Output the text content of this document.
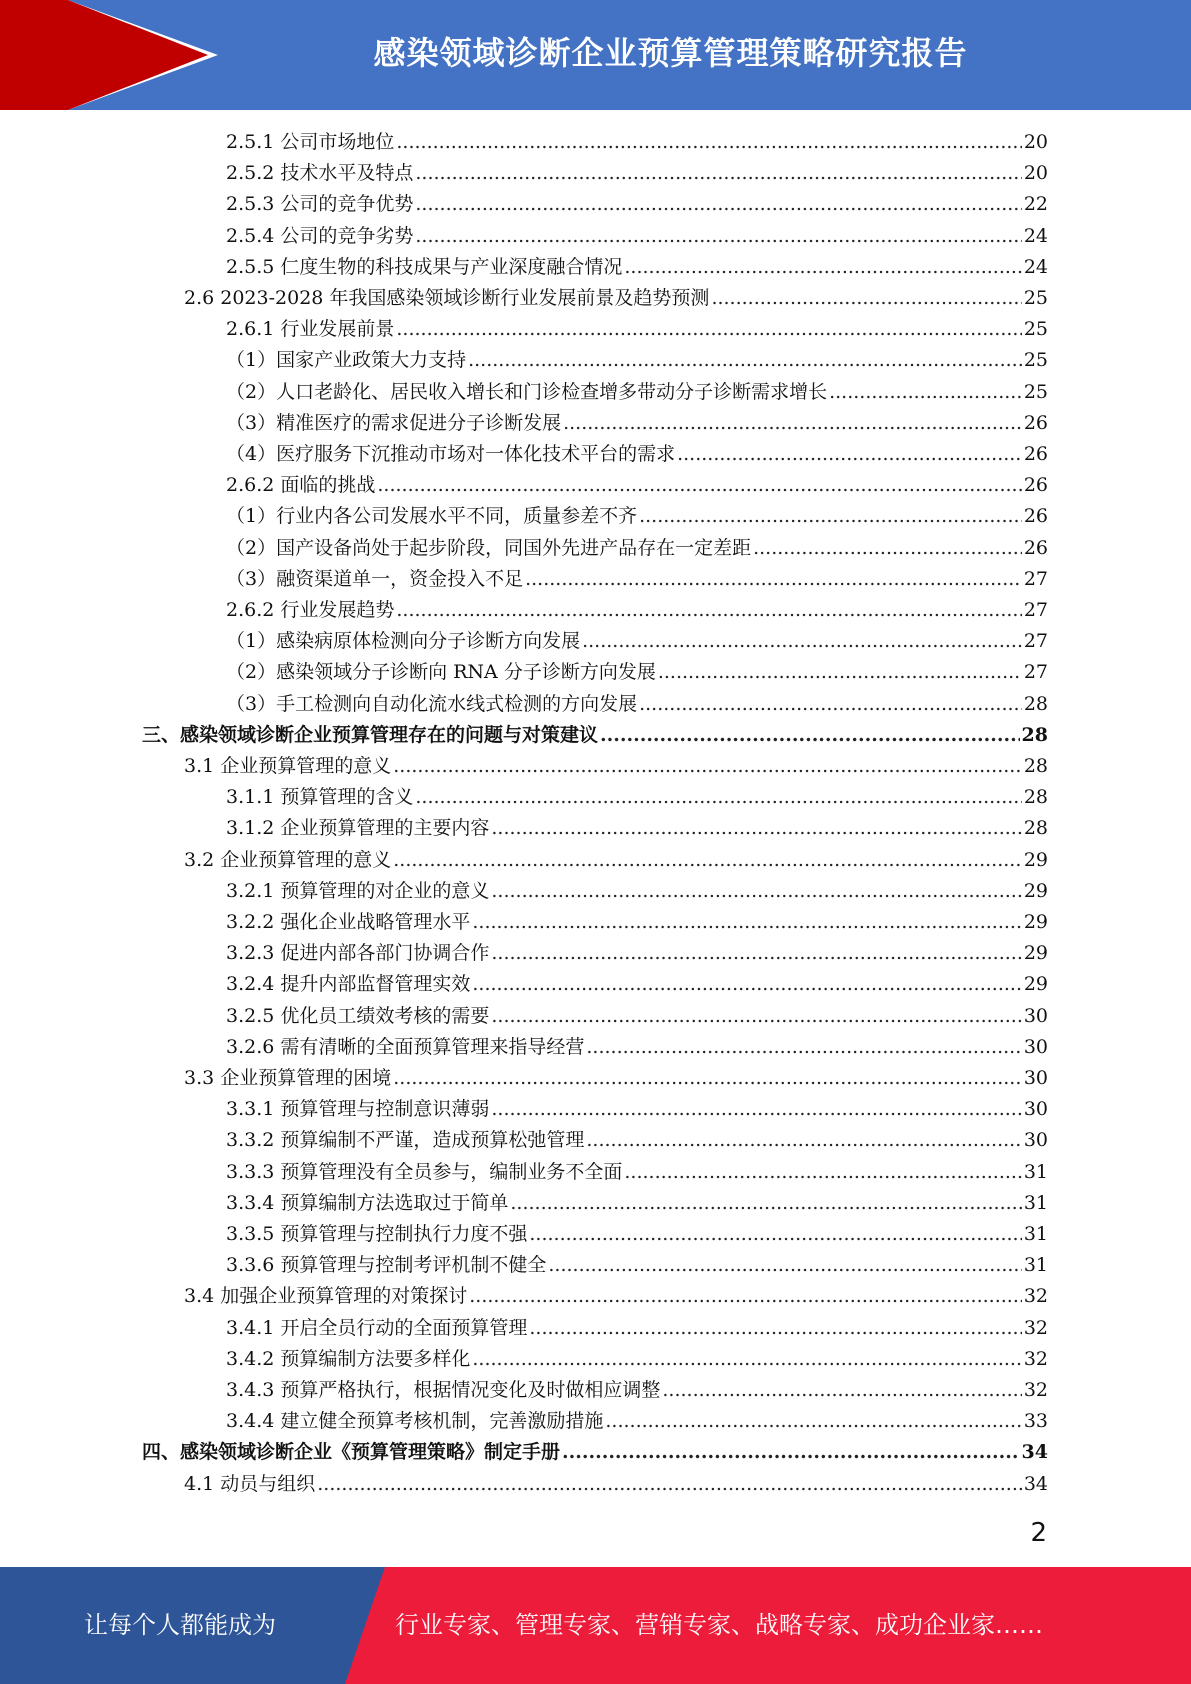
感染领域诊断企业预算管理策略研究报告
2.5.1 公司市场地位 .....	20
2.5.2 技术水平及特点 .....	20
2.5.3 公司的竞争优势 .....	22
2.5.4 公司的竞争劣势 .....	24
2.5.5 仁度生物的科技成果与产业深度融合情况 .....	24
2.6 2023-2028 年我国感染领域诊断行业发展前景及趋势预测 .....	25
2.6.1 行业发展前景 .....	25
（1）国家产业政策大力支持 .....	25
（2）人口老龄化、居民收入增长和门诊检查增多带动分子诊断需求增长 .....	25
（3）精准医疗的需求促进分子诊断发展 .....	26
（4）医疗服务下沉推动市场对一体化技术平台的需求 .....	26
2.6.2 面临的挑战 .....	26
（1）行业内各公司发展水平不同，质量参差不齐 .....	26
（2）国产设备尚处于起步阶段，同国外先进产品存在一定差距 .....	26
（3）融资渠道单一，资金投入不足 .....	27
2.6.2 行业发展趋势 .....	27
（1）感染病原体检测向分子诊断方向发展 .....	27
（2）感染领域分子诊断向 RNA 分子诊断方向发展 .....	27
（3）手工检测向自动化流水线式检测的方向发展 .....	28
三、感染领域诊断企业预算管理存在的问题与对策建议 .....	28
3.1 企业预算管理的意义 .....	28
3.1.1 预算管理的含义 .....	28
3.1.2 企业预算管理的主要内容 .....	28
3.2 企业预算管理的意义 .....	29
3.2.1 预算管理的对企业的意义 .....	29
3.2.2 强化企业战略管理水平 .....	29
3.2.3 促进内部各部门协调合作 .....	29
3.2.4 提升内部监督管理实效 .....	29
3.2.5 优化员工绩效考核的需要 .....	30
3.2.6 需有清晰的全面预算管理来指导经营 .....	30
3.3 企业预算管理的困境 .....	30
3.3.1 预算管理与控制意识薄弱 .....	30
3.3.2 预算编制不严谨，造成预算松弛管理 .....	30
3.3.3 预算管理没有全员参与，编制业务不全面 .....	31
3.3.4 预算编制方法选取过于简单 .....	31
3.3.5 预算管理与控制执行力度不强 .....	31
3.3.6 预算管理与控制考评机制不健全 .....	31
3.4 加强企业预算管理的对策探讨 .....	32
3.4.1 开启全员行动的全面预算管理 .....	32
3.4.2 预算编制方法要多样化 .....	32
3.4.3 预算严格执行，根据情况变化及时做相应调整 .....	32
3.4.4 建立健全预算考核机制，完善激励措施 .....	33
四、感染领域诊断企业《预算管理策略》制定手册 .....	34
4.1 动员与组织 .....	34
2
让每个人都能成为	行业专家、管理专家、营销专家、战略专家、成功企业家……
